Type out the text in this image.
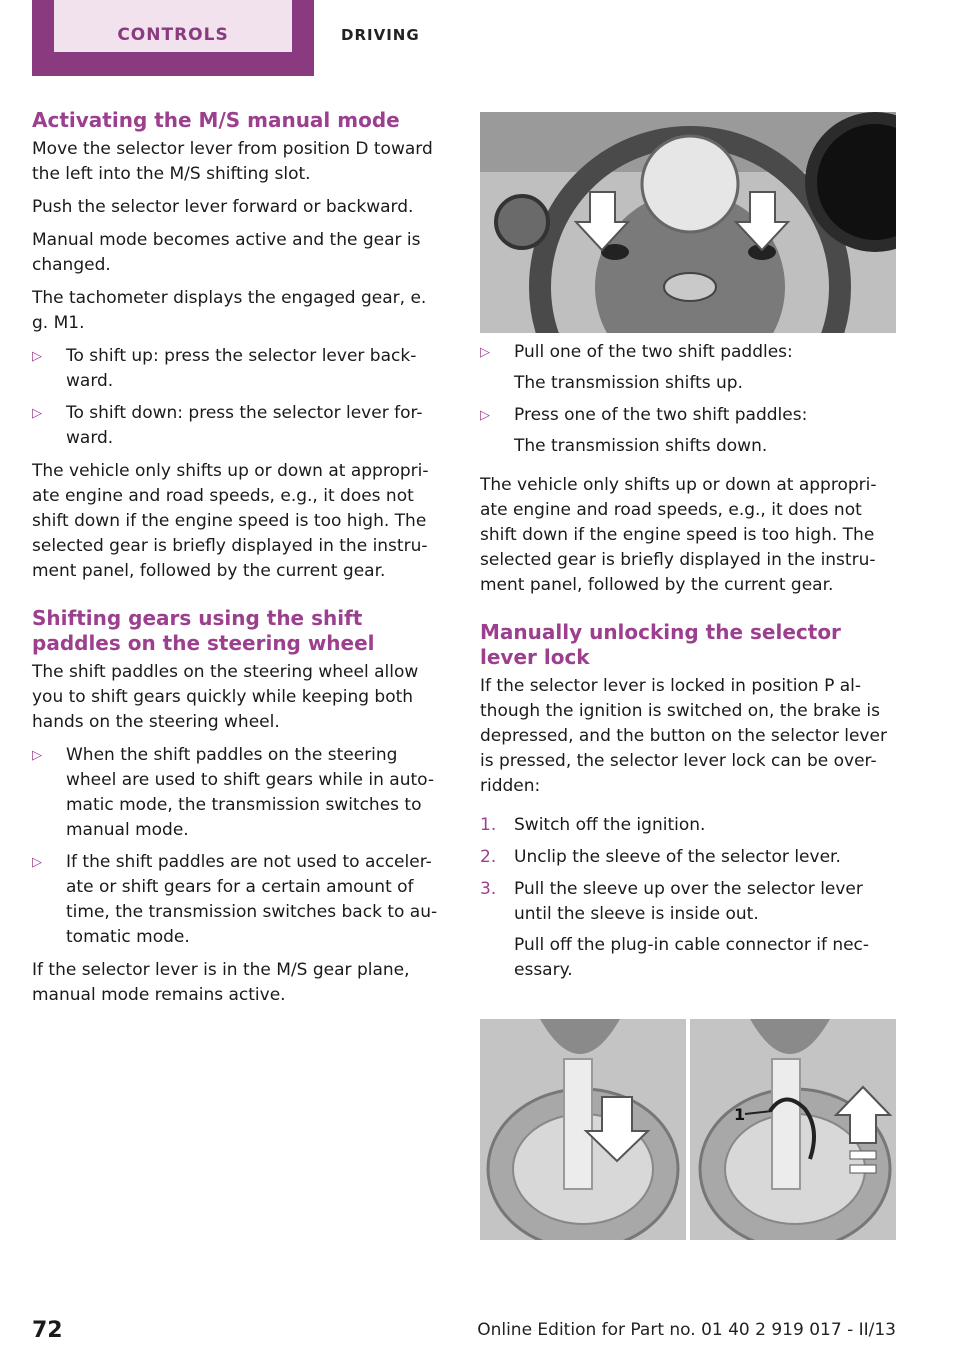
CONTROLS	DRIVING
Activating the M/S manual mode

Move the selector lever from position D toward the left into the M/S shifting slot.

Push the selector lever forward or backward.

Manual mode becomes active and the gear is changed.

The tachometer displays the engaged gear, e. g. M1.

▷ To shift up: press the selector lever back-ward.
▷ To shift down: press the selector lever for-ward.

The vehicle only shifts up or down at appropri-ate engine and road speeds, e.g., it does not shift down if the engine speed is too high. The selected gear is briefly displayed in the instru-ment panel, followed by the current gear.

Shifting gears using the shift paddles on the steering wheel

The shift paddles on the steering wheel allow you to shift gears quickly while keeping both hands on the steering wheel.

▷ When the shift paddles on the steering wheel are used to shift gears while in auto-matic mode, the transmission switches to manual mode.
▷ If the shift paddles are not used to acceler-ate or shift gears for a certain amount of time, the transmission switches back to au-tomatic mode.

If the selector lever is in the M/S gear plane, manual mode remains active.

▷ Pull one of the two shift paddles:
The transmission shifts up.
▷ Press one of the two shift paddles:
The transmission shifts down.

The vehicle only shifts up or down at appropri-ate engine and road speeds, e.g., it does not shift down if the engine speed is too high. The selected gear is briefly displayed in the instru-ment panel, followed by the current gear.

Manually unlocking the selector lever lock

If the selector lever is locked in position P al-though the ignition is switched on, the brake is depressed, and the button on the selector lever is pressed, the selector lever lock can be over-ridden:

1. Switch off the ignition.
2. Unclip the sleeve of the selector lever.
3. Pull the sleeve up over the selector lever until the sleeve is inside out.
Pull off the plug-in cable connector if nec-essary.
1
72	Online Edition for Part no. 01 40 2 919 017 - II/13
